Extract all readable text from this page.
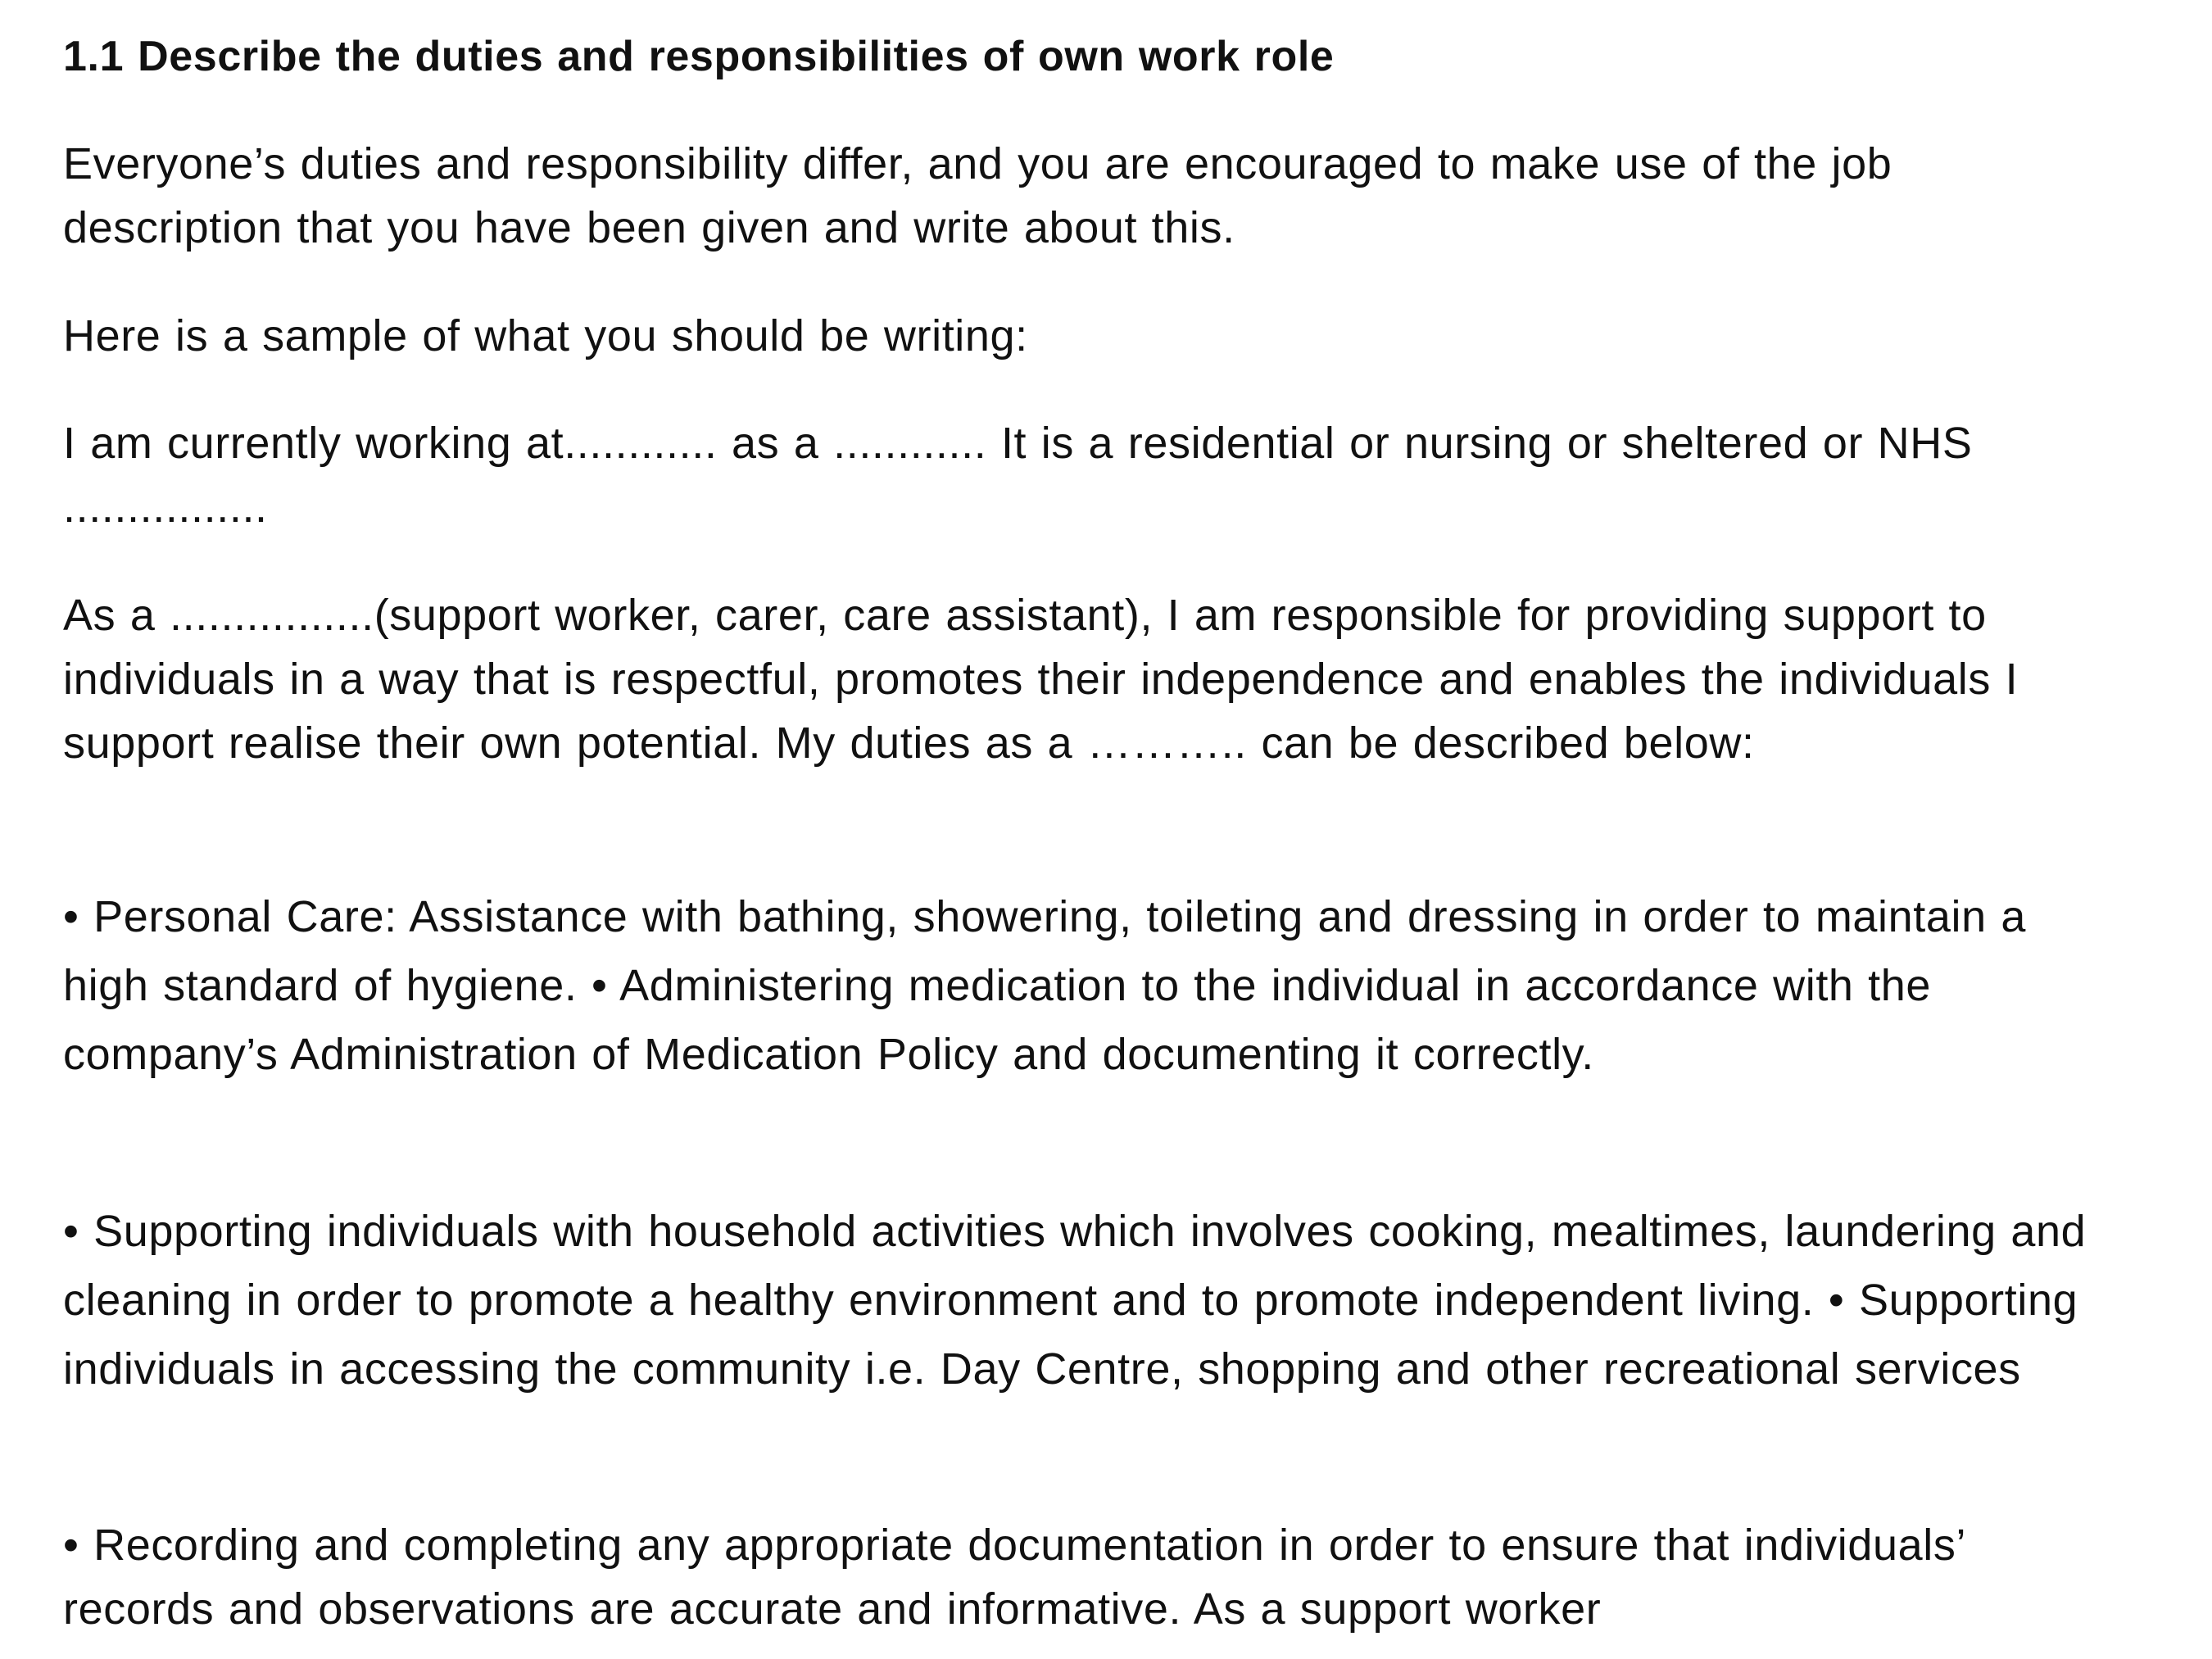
1.1 Describe the duties and responsibilities of own work role

Everyone’s duties and responsibility differ, and you are encouraged to make use of the job description that you have been given and write about this.

Here is a sample of what you should be writing:

I am currently working at............ as a ............ It is a residential or nursing or sheltered or NHS ................

As a ................(support worker, carer, care assistant), I am responsible for providing support to individuals in a way that is respectful, promotes their independence and enables the individuals I support realise their own potential. My duties as a ……….. can be described below:

• Personal Care: Assistance with bathing, showering, toileting and dressing in order to maintain a high standard of hygiene. • Administering medication to the individual in accordance with the company’s Administration of Medication Policy and documenting it correctly.

• Supporting individuals with household activities which involves cooking, mealtimes, laundering and cleaning in order to promote a healthy environment and to promote independent living. • Supporting individuals in accessing the community i.e. Day Centre, shopping and other recreational services

• Recording and completing any appropriate documentation in order to ensure that individuals’ records and observations are accurate and informative. As a support worker
